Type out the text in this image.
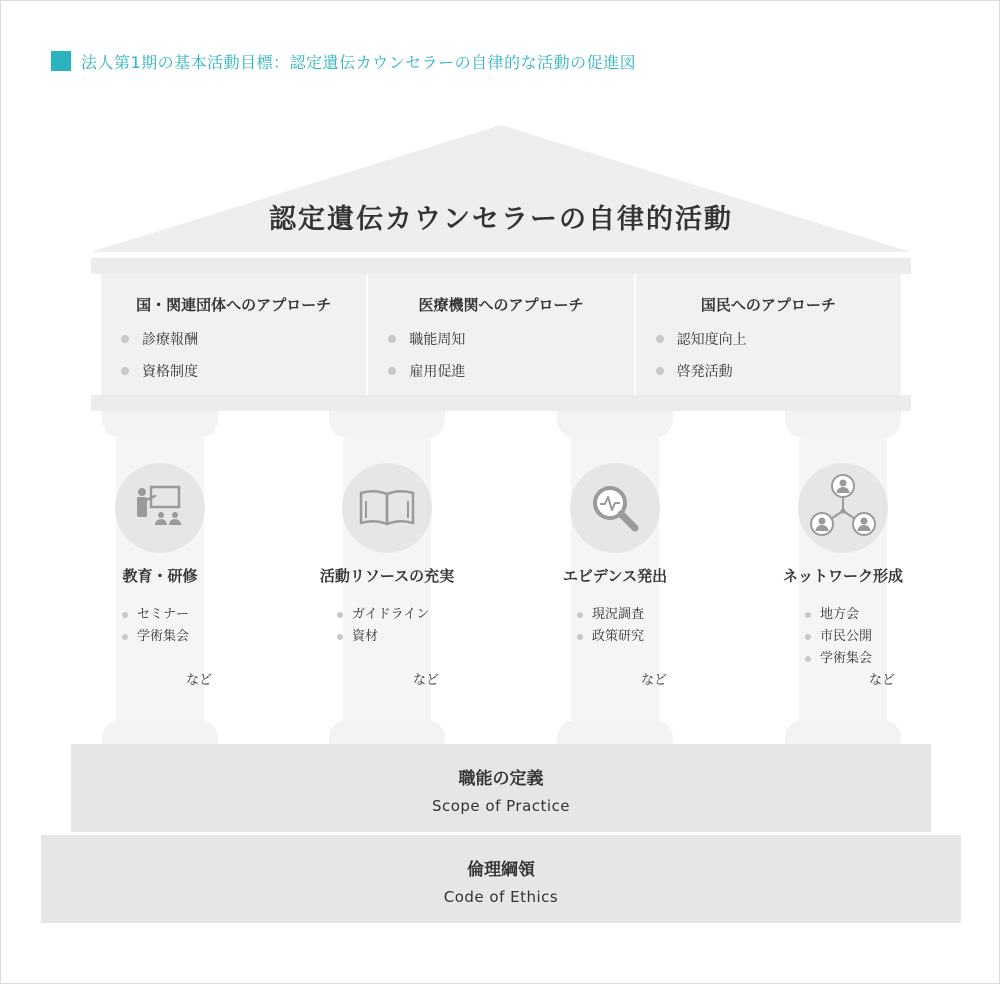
法人第1期の基本活動目標：認定遺伝カウンセラーの自律的な活動の促進図
認定遺伝カウンセラーの自律的活動
国・関連団体へのアプローチ
診療報酬
資格制度
医療機関へのアプローチ
職能周知
雇用促進
国民へのアプローチ
認知度向上
啓発活動
教育・研修
セミナー
学術集会
など
活動リソースの充実
ガイドライン
資材
など
エビデンス発出
現況調査
政策研究
など
ネットワーク形成
地方会
市民公開
学術集会
など
職能の定義
Scope of Practice
倫理綱領
Code of Ethics
